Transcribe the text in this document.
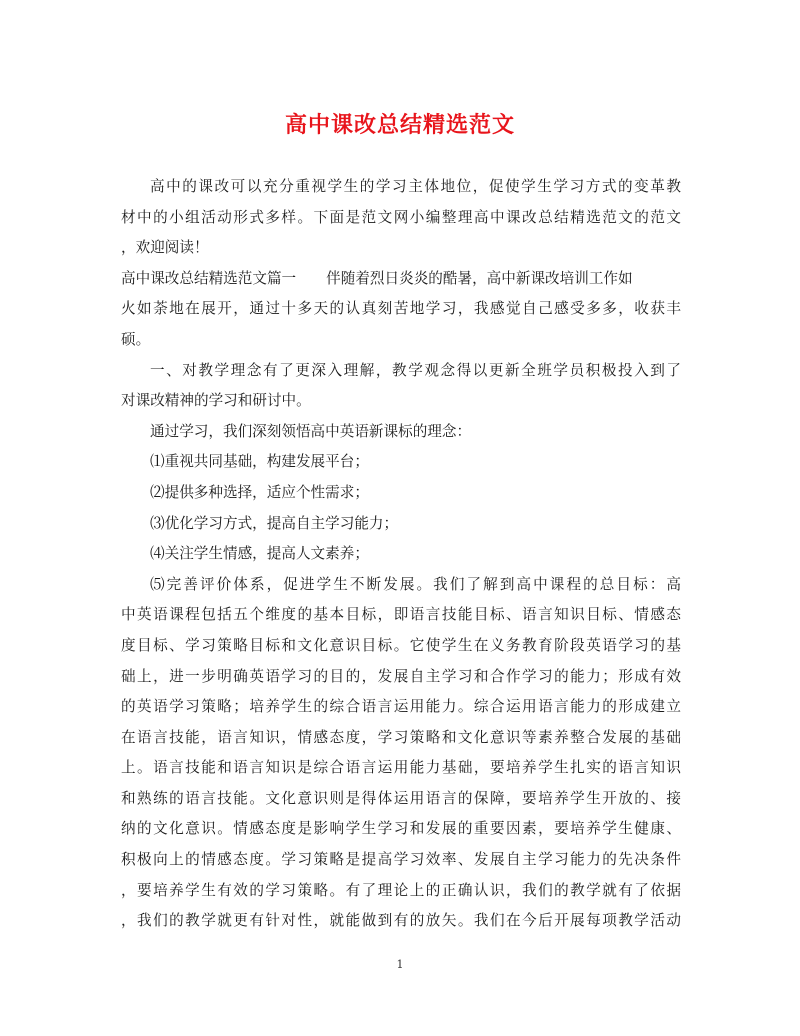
高中课改总结精选范文

高中的课改可以充分重视学生的学习主体地位，促使学生学习方式的变革教

材中的小组活动形式多样。下面是范文网小编整理高中课改总结精选范文的范文

，欢迎阅读！

高中课改总结精选范文篇一 伴随着烈日炎炎的酷暑，高中新课改培训工作如

火如荼地在展开，通过十多天的认真刻苦地学习，我感觉自己感受多多，收获丰

硕。

一、对教学理念有了更深入理解，教学观念得以更新全班学员积极投入到了

对课改精神的学习和研讨中。

通过学习，我们深刻领悟高中英语新课标的理念：

⑴重视共同基础，构建发展平台；

⑵提供多种选择，适应个性需求；

⑶优化学习方式，提高自主学习能力；

⑷关注学生情感，提高人文素养；

⑸完善评价体系，促进学生不断发展。我们了解到高中课程的总目标：高

中英语课程包括五个维度的基本目标，即语言技能目标、语言知识目标、情感态

度目标、学习策略目标和文化意识目标。它使学生在义务教育阶段英语学习的基

础上，进一步明确英语学习的目的，发展自主学习和合作学习的能力；形成有效

的英语学习策略；培养学生的综合语言运用能力。综合运用语言能力的形成建立

在语言技能，语言知识，情感态度，学习策略和文化意识等素养整合发展的基础

上。语言技能和语言知识是综合语言运用能力基础，要培养学生扎实的语言知识

和熟练的语言技能。文化意识则是得体运用语言的保障，要培养学生开放的、接

纳的文化意识。情感态度是影响学生学习和发展的重要因素，要培养学生健康、

积极向上的情感态度。学习策略是提高学习效率、发展自主学习能力的先决条件

，要培养学生有效的学习策略。有了理论上的正确认识，我们的教学就有了依据

，我们的教学就更有针对性，就能做到有的放矢。我们在今后开展每项教学活动

1
